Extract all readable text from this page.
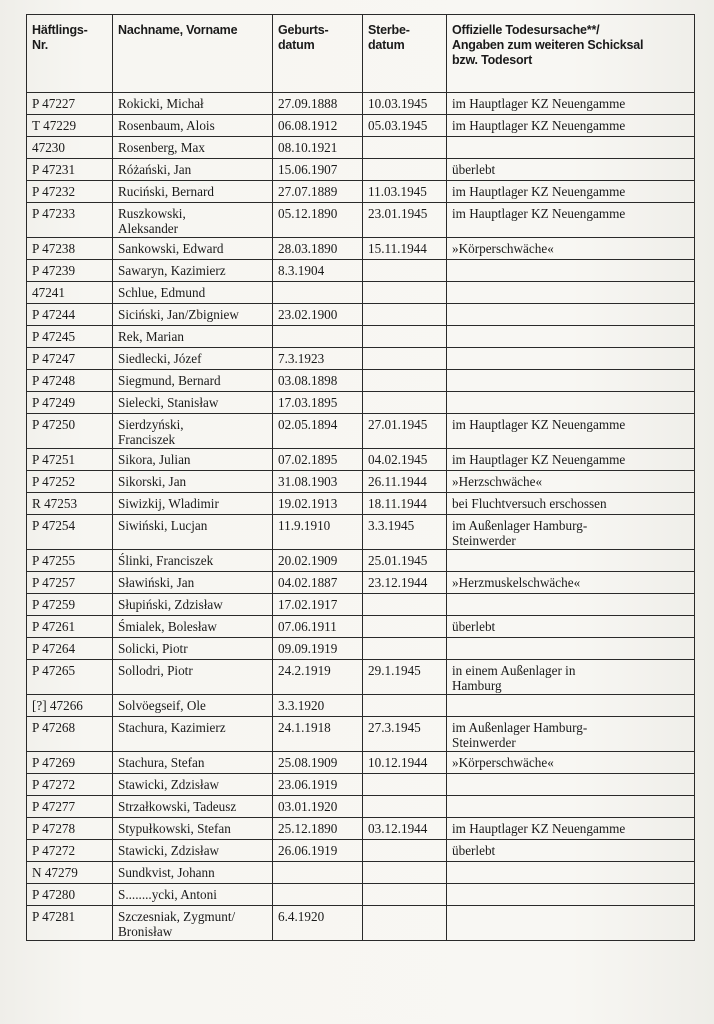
Häftlings-
Nr.	Nachname, Vorname	Geburts-
datum	Sterbe-
datum	Offizielle Todesursache**/
Angaben zum weiteren Schicksal
bzw. Todesort
P 47227	Rokicki, Michał	27.09.1888	10.03.1945	im Hauptlager KZ Neuengamme
T 47229	Rosenbaum, Alois	06.08.1912	05.03.1945	im Hauptlager KZ Neuengamme
47230	Rosenberg, Max	08.10.1921		
P 47231	Różański, Jan	15.06.1907		überlebt
P 47232	Ruciński, Bernard	27.07.1889	11.03.1945	im Hauptlager KZ Neuengamme
P 47233	Ruszkowski,
Aleksander	05.12.1890	23.01.1945	im Hauptlager KZ Neuengamme
P 47238	Sankowski, Edward	28.03.1890	15.11.1944	»Körperschwäche«
P 47239	Sawaryn, Kazimierz	8.3.1904		
47241	Schlue, Edmund			
P 47244	Siciński, Jan/Zbigniew	23.02.1900		
P 47245	Rek, Marian			
P 47247	Siedlecki, Józef	7.3.1923		
P 47248	Siegmund, Bernard	03.08.1898		
P 47249	Sielecki, Stanisław	17.03.1895		
P 47250	Sierdzyński,
Franciszek	02.05.1894	27.01.1945	im Hauptlager KZ Neuengamme
P 47251	Sikora, Julian	07.02.1895	04.02.1945	im Hauptlager KZ Neuengamme
P 47252	Sikorski, Jan	31.08.1903	26.11.1944	»Herzschwäche«
R 47253	Siwizkij, Wladimir	19.02.1913	18.11.1944	bei Fluchtversuch erschossen
P 47254	Siwiński, Lucjan	11.9.1910	3.3.1945	im Außenlager Hamburg-
Steinwerder
P 47255	Ślinki, Franciszek	20.02.1909	25.01.1945	
P 47257	Sławiński, Jan	04.02.1887	23.12.1944	»Herzmuskelschwäche«
P 47259	Słupiński, Zdzisław	17.02.1917		
P 47261	Śmialek, Bolesław	07.06.1911		überlebt
P 47264	Solicki, Piotr	09.09.1919		
P 47265	Sollodri, Piotr	24.2.1919	29.1.1945	in einem Außenlager in
Hamburg
[?] 47266	Solvöegseif, Ole	3.3.1920		
P 47268	Stachura, Kazimierz	24.1.1918	27.3.1945	im Außenlager Hamburg-
Steinwerder
P 47269	Stachura, Stefan	25.08.1909	10.12.1944	»Körperschwäche«
P 47272	Stawicki, Zdzisław	23.06.1919		
P 47277	Strzałkowski, Tadeusz	03.01.1920		
P 47278	Stypułkowski, Stefan	25.12.1890	03.12.1944	im Hauptlager KZ Neuengamme
P 47272	Stawicki, Zdzisław	26.06.1919		überlebt
N 47279	Sundkvist, Johann			
P 47280	S........ycki, Antoni			
P 47281	Szczesniak, Zygmunt/
Bronisław	6.4.1920		
